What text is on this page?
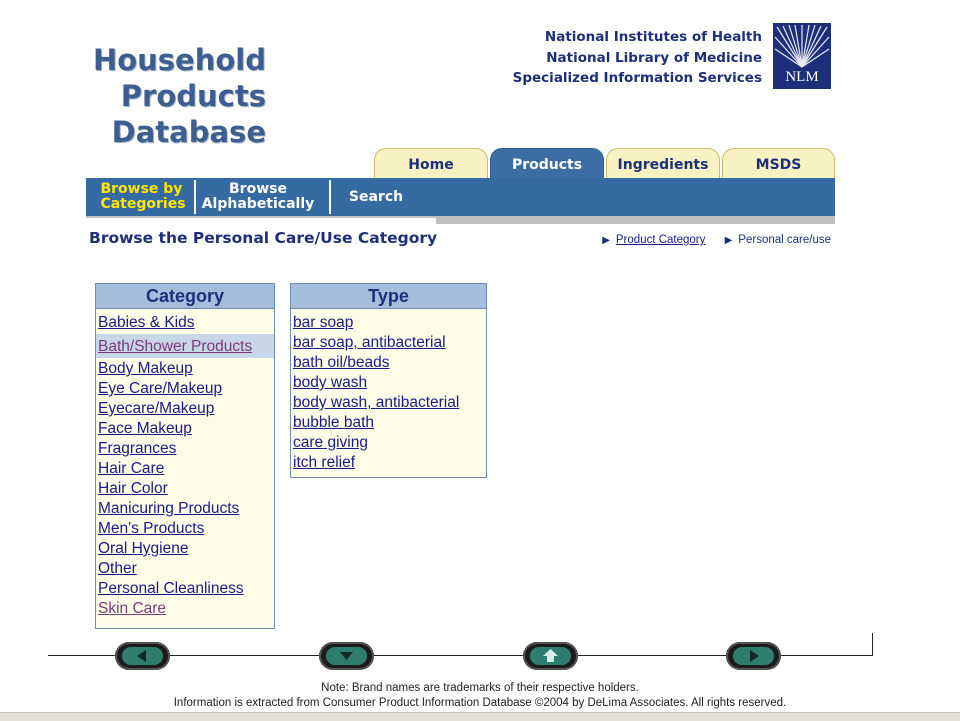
Household
Products
Database
National Institutes of Health
National Library of Medicine
Specialized Information Services	NLM
Home	Products	Ingredients	MSDS
Browse by
Categories
Browse
Alphabetically	Search
Browse the Personal Care/Use Category	▶ Product Category ▶ Personal care/use
Category
Babies & Kids
Bath/Shower Products
Body Makeup
Eye Care/Makeup
Eyecare/Makeup
Face Makeup
Fragrances
Hair Care
Hair Color
Manicuring Products
Men's Products
Oral Hygiene
Other
Personal Cleanliness
Skin Care
Type
bar soap
bar soap, antibacterial
bath oil/beads
body wash
body wash, antibacterial
bubble bath
care giving
itch relief
Note: Brand names are trademarks of their respective holders.
Information is extracted from Consumer Product Information Database ©2004 by DeLima Associates. All rights reserved.
